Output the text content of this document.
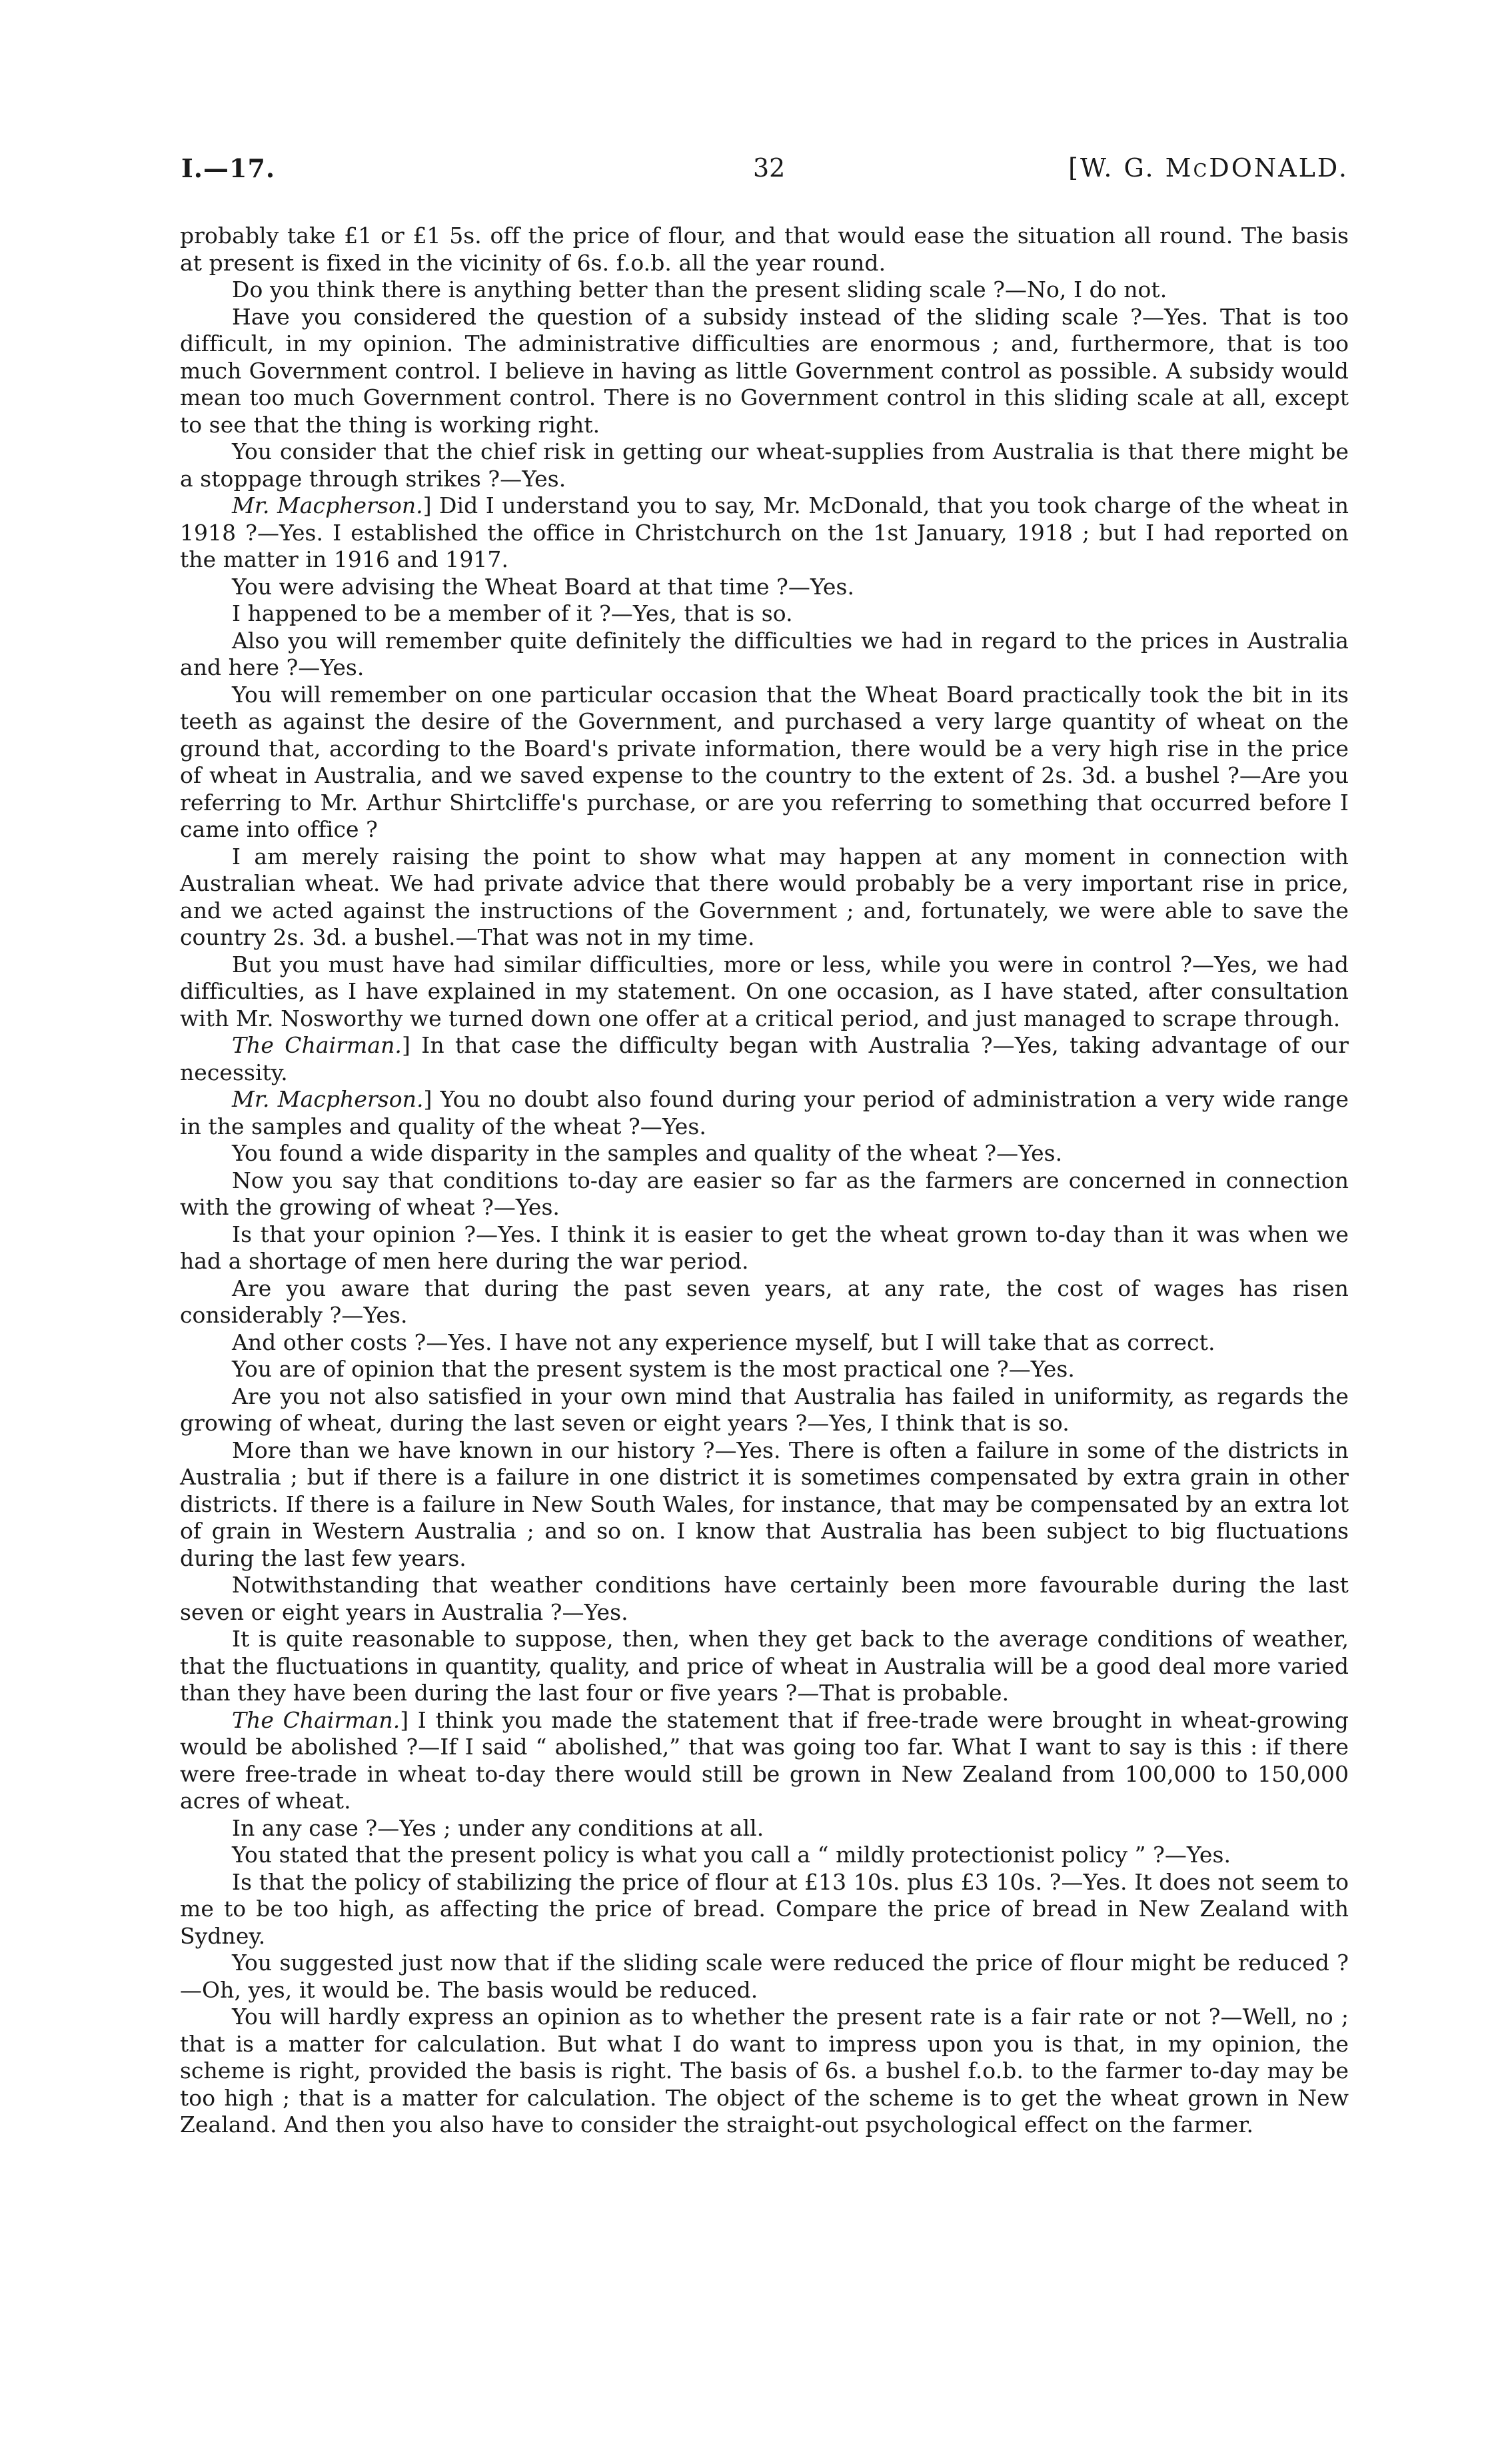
I.—17.	32	[W. G. McDONALD.

probably take £1 or £1 5s. off the price of flour, and that would ease the situation all round. The basis at present is fixed in the vicinity of 6s. f.o.b. all the year round.

Do you think there is anything better than the present sliding scale ?—No, I do not.

Have you considered the question of a subsidy instead of the sliding scale ?—Yes. That is too difficult, in my opinion. The administrative difficulties are enormous ; and, furthermore, that is too much Government control. I believe in having as little Government control as possible. A subsidy would mean too much Government control. There is no Government control in this sliding scale at all, except to see that the thing is working right.

You consider that the chief risk in getting our wheat-supplies from Australia is that there might be a stoppage through strikes ?—Yes.

Mr. Macpherson.] Did I understand you to say, Mr. McDonald, that you took charge of the wheat in 1918 ?—Yes. I established the office in Christchurch on the 1st January, 1918 ; but I had reported on the matter in 1916 and 1917.

You were advising the Wheat Board at that time ?—Yes.

I happened to be a member of it ?—Yes, that is so.

Also you will remember quite definitely the difficulties we had in regard to the prices in Australia and here ?—Yes.

You will remember on one particular occasion that the Wheat Board practically took the bit in its teeth as against the desire of the Government, and purchased a very large quantity of wheat on the ground that, according to the Board's private information, there would be a very high rise in the price of wheat in Australia, and we saved expense to the country to the extent of 2s. 3d. a bushel ?—Are you referring to Mr. Arthur Shirtcliffe's purchase, or are you referring to something that occurred before I came into office ?

I am merely raising the point to show what may happen at any moment in connection with Australian wheat. We had private advice that there would probably be a very important rise in price, and we acted against the instructions of the Government ; and, fortunately, we were able to save the country 2s. 3d. a bushel.—That was not in my time.

But you must have had similar difficulties, more or less, while you were in control ?—Yes, we had difficulties, as I have explained in my statement. On one occasion, as I have stated, after consultation with Mr. Nosworthy we turned down one offer at a critical period, and just managed to scrape through.

The Chairman.] In that case the difficulty began with Australia ?—Yes, taking advantage of our necessity.

Mr. Macpherson.] You no doubt also found during your period of administration a very wide range in the samples and quality of the wheat ?—Yes.

You found a wide disparity in the samples and quality of the wheat ?—Yes.

Now you say that conditions to-day are easier so far as the farmers are concerned in connection with the growing of wheat ?—Yes.

Is that your opinion ?—Yes. I think it is easier to get the wheat grown to-day than it was when we had a shortage of men here during the war period.

Are you aware that during the past seven years, at any rate, the cost of wages has risen considerably ?—Yes.

And other costs ?—Yes. I have not any experience myself, but I will take that as correct.

You are of opinion that the present system is the most practical one ?—Yes.

Are you not also satisfied in your own mind that Australia has failed in uniformity, as regards the growing of wheat, during the last seven or eight years ?—Yes, I think that is so.

More than we have known in our history ?—Yes. There is often a failure in some of the districts in Australia ; but if there is a failure in one district it is sometimes compensated by extra grain in other districts. If there is a failure in New South Wales, for instance, that may be compensated by an extra lot of grain in Western Australia ; and so on. I know that Australia has been subject to big fluctuations during the last few years.

Notwithstanding that weather conditions have certainly been more favourable during the last seven or eight years in Australia ?—Yes.

It is quite reasonable to suppose, then, when they get back to the average conditions of weather, that the fluctuations in quantity, quality, and price of wheat in Australia will be a good deal more varied than they have been during the last four or five years ?—That is probable.

The Chairman.] I think you made the statement that if free-trade were brought in wheat-growing would be abolished ?—If I said “ abolished,” that was going too far. What I want to say is this : if there were free-trade in wheat to-day there would still be grown in New Zealand from 100,000 to 150,000 acres of wheat.

In any case ?—Yes ; under any conditions at all.

You stated that the present policy is what you call a “ mildly protectionist policy ” ?—Yes.

Is that the policy of stabilizing the price of flour at £13 10s. plus £3 10s. ?—Yes. It does not seem to me to be too high, as affecting the price of bread. Compare the price of bread in New Zealand with Sydney.

You suggested just now that if the sliding scale were reduced the price of flour might be reduced ?—Oh, yes, it would be. The basis would be reduced.

You will hardly express an opinion as to whether the present rate is a fair rate or not ?—Well, no ; that is a matter for calculation. But what I do want to impress upon you is that, in my opinion, the scheme is right, provided the basis is right. The basis of 6s. a bushel f.o.b. to the farmer to-day may be too high ; that is a matter for calculation. The object of the scheme is to get the wheat grown in New Zealand. And then you also have to consider the straight-out psychological effect on the farmer.
